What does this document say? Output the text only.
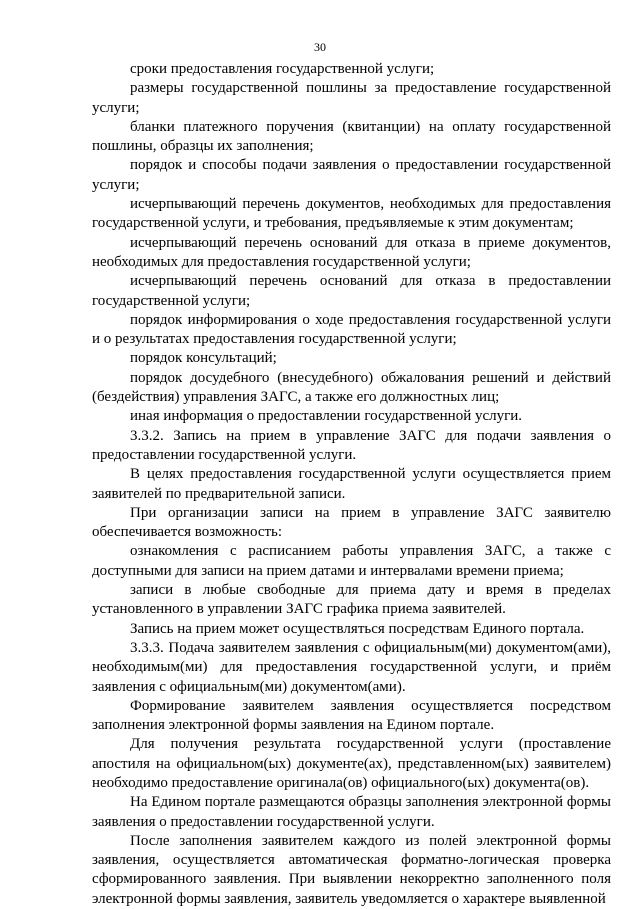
30

сроки предоставления государственной услуги;

размеры государственной пошлины за предоставление государственной услуги;

бланки платежного поручения (квитанции) на оплату государственной пошлины, образцы их заполнения;

порядок и способы подачи заявления о предоставлении государственной услуги;

исчерпывающий перечень документов, необходимых для предоставления государственной услуги, и требования, предъявляемые к этим документам;

исчерпывающий перечень оснований для отказа в приеме документов, необходимых для предоставления государственной услуги;

исчерпывающий перечень оснований для отказа в предоставлении государственной услуги;

порядок информирования о ходе предоставления государственной услуги и о результатах предоставления государственной услуги;

порядок консультаций;

порядок досудебного (внесудебного) обжалования решений и действий (бездействия) управления ЗАГС, а также его должностных лиц;

иная информация о предоставлении государственной услуги.

3.3.2. Запись на прием в управление ЗАГС для подачи заявления о предоставлении государственной услуги.

В целях предоставления государственной услуги осуществляется прием заявителей по предварительной записи.

При организации записи на прием в управление ЗАГС заявителю обеспечивается возможность:

ознакомления с расписанием работы управления ЗАГС, а также с доступными для записи на прием датами и интервалами времени приема;

записи в любые свободные для приема дату и время в пределах установленного в управлении ЗАГС графика приема заявителей.

Запись на прием может осуществляться посредствам Единого портала.

3.3.3. Подача заявителем заявления с официальным(ми) документом(ами), необходимым(ми) для предоставления государственной услуги, и приём заявления с официальным(ми) документом(ами).

Формирование заявителем заявления осуществляется посредством заполнения электронной формы заявления на Едином портале.

Для получения результата государственной услуги (проставление апостиля на официальном(ых) документе(ах), представленном(ых) заявителем) необходимо предоставление оригинала(ов) официального(ых) документа(ов).

На Едином портале размещаются образцы заполнения электронной формы заявления о предоставлении государственной услуги.

После заполнения заявителем каждого из полей электронной формы заявления, осуществляется автоматическая форматно-логическая проверка сформированного заявления. При выявлении некорректно заполненного поля электронной формы заявления, заявитель уведомляется о характере выявленной
